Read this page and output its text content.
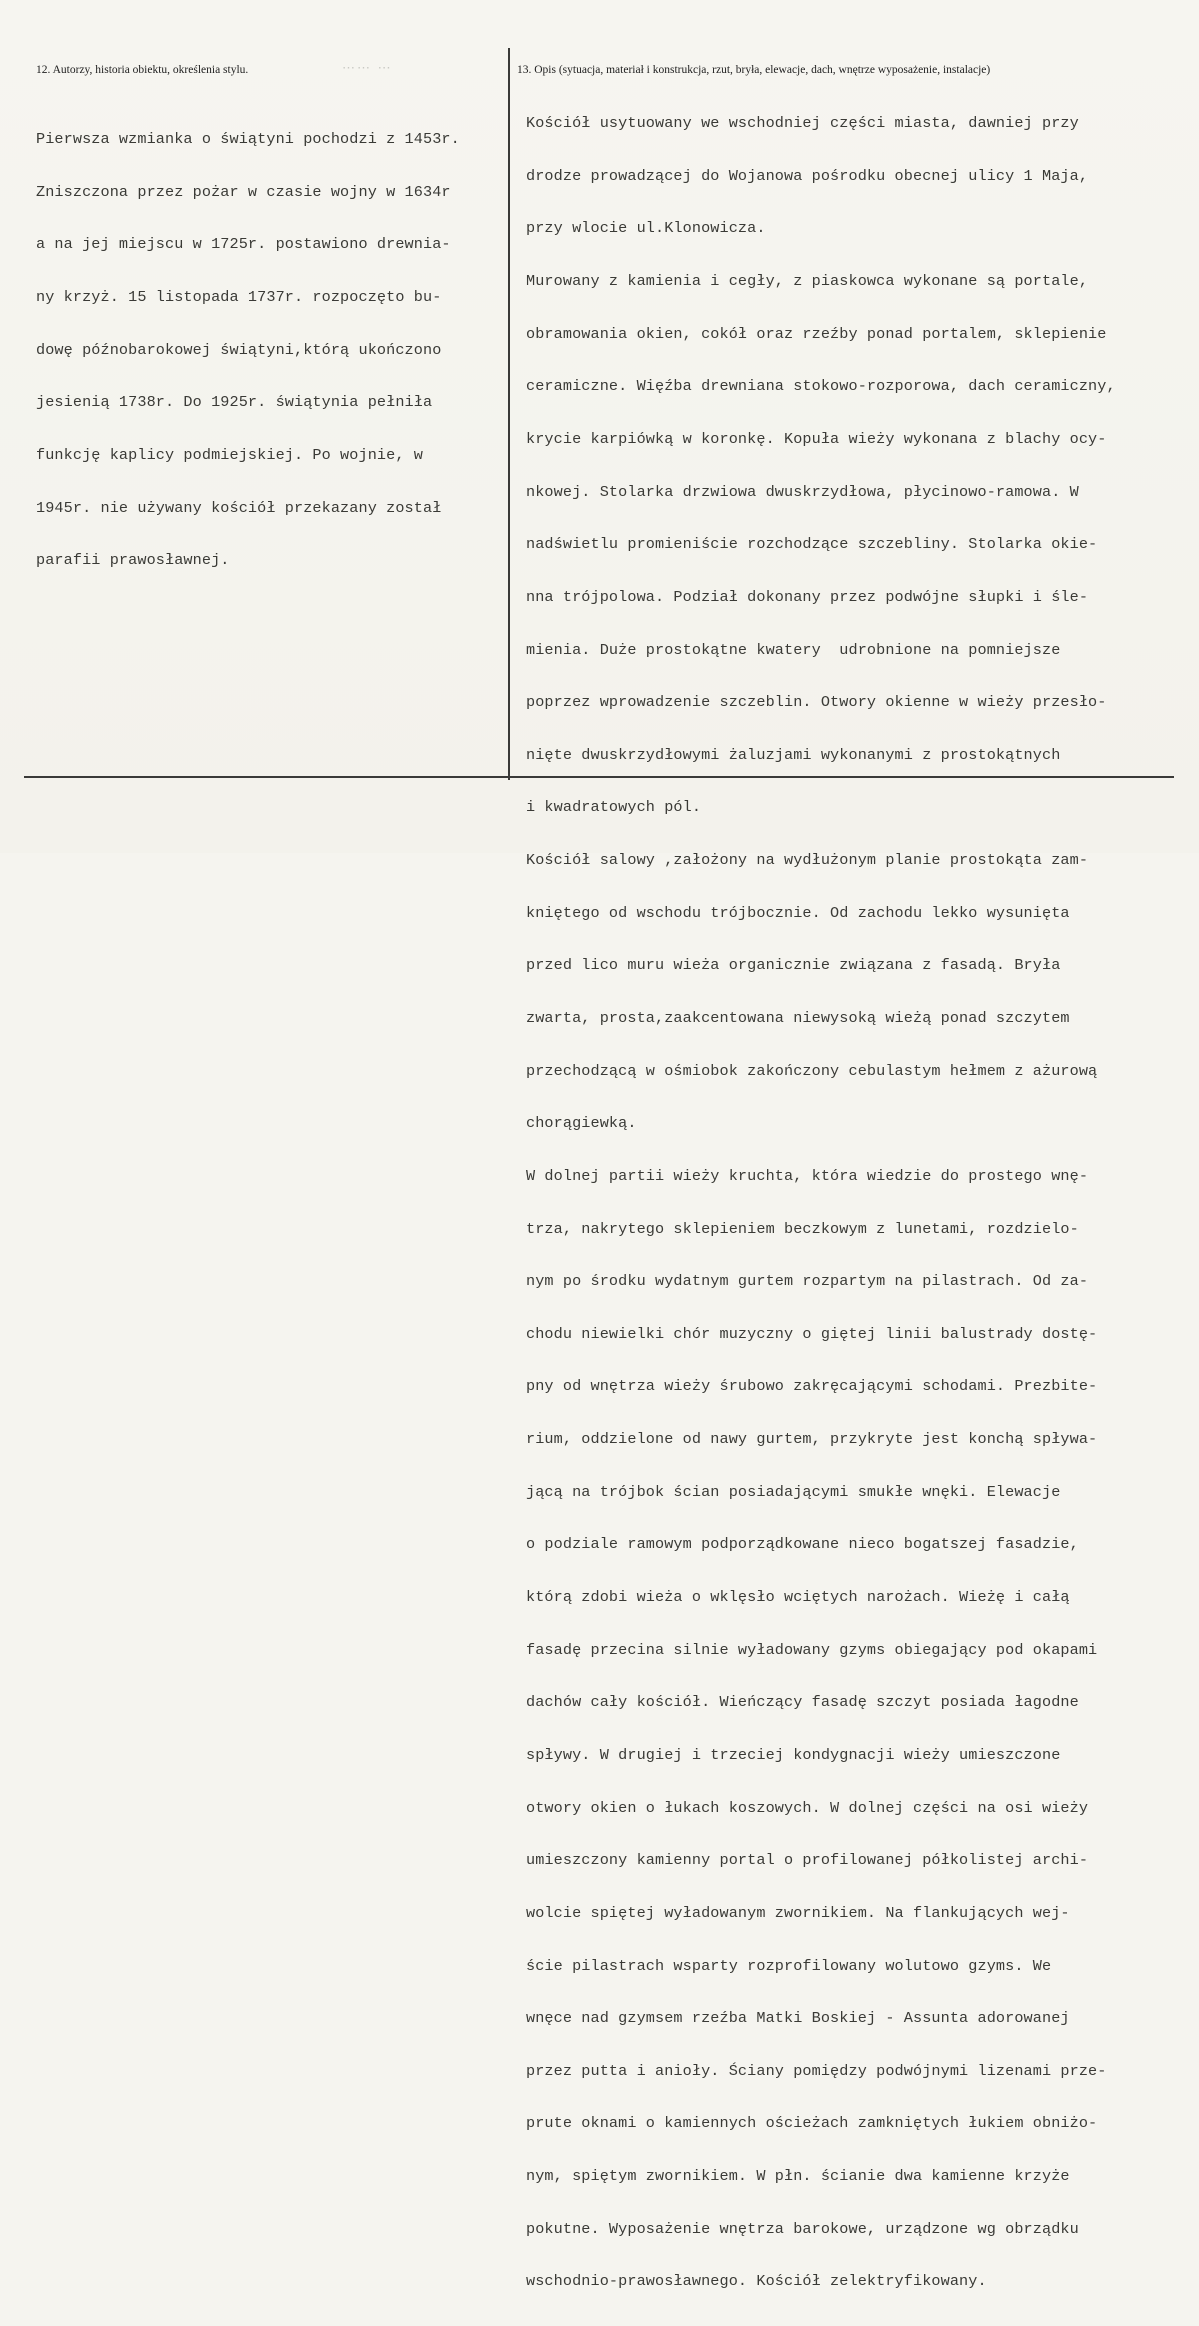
⋯⋯ ⋯
12. Autorzy, historia obiektu, określenia stylu.	13. Opis (sytuacja, materiał i konstrukcja, rzut, bryła, elewacje, dach, wnętrze wyposażenie, instalacje)

Pierwsza wzmianka o świątyni pochodzi z 1453r.

Zniszczona przez pożar w czasie wojny w 1634r

a na jej miejscu w 1725r. postawiono drewnia-

ny krzyż. 15 listopada 1737r. rozpoczęto bu-

dowę późnobarokowej świątyni,którą ukończono

jesienią 1738r. Do 1925r. świątynia pełniła

funkcję kaplicy podmiejskiej. Po wojnie, w

1945r. nie używany kościół przekazany został

parafii prawosławnej.

Kościół usytuowany we wschodniej części miasta, dawniej przy

drodze prowadzącej do Wojanowa pośrodku obecnej ulicy 1 Maja,

przy wlocie ul.Klonowicza.

Murowany z kamienia i cegły, z piaskowca wykonane są portale,

obramowania okien, cokół oraz rzeźby ponad portalem, sklepienie

ceramiczne. Więźba drewniana stokowo-rozporowa, dach ceramiczny,

krycie karpiówką w koronkę. Kopuła wieży wykonana z blachy ocy-

nkowej. Stolarka drzwiowa dwuskrzydłowa, płycinowo-ramowa. W

nadświetlu promieniście rozchodzące szczebliny. Stolarka okie-

nna trójpolowa. Podział dokonany przez podwójne słupki i śle-

mienia. Duże prostokątne kwatery  udrobnione na pomniejsze

poprzez wprowadzenie szczeblin. Otwory okienne w wieży przesło-

nięte dwuskrzydłowymi żaluzjami wykonanymi z prostokątnych

i kwadratowych pól.

Kościół salowy ,założony na wydłużonym planie prostokąta zam-

kniętego od wschodu trójbocznie. Od zachodu lekko wysunięta

przed lico muru wieża organicznie związana z fasadą. Bryła

zwarta, prosta,zaakcentowana niewysoką wieżą ponad szczytem

przechodzącą w ośmiobok zakończony cebulastym hełmem z ażurową

chorągiewką.

W dolnej partii wieży kruchta, która wiedzie do prostego wnę-

trza, nakrytego sklepieniem beczkowym z lunetami, rozdzielo-

nym po środku wydatnym gurtem rozpartym na pilastrach. Od za-

chodu niewielki chór muzyczny o giętej linii balustrady dostę-

pny od wnętrza wieży śrubowo zakręcającymi schodami. Prezbite-

rium, oddzielone od nawy gurtem, przykryte jest konchą spływa-

jącą na trójbok ścian posiadającymi smukłe wnęki. Elewacje

o podziale ramowym podporządkowane nieco bogatszej fasadzie,

którą zdobi wieża o wklęsło wciętych narożach. Wieżę i całą

fasadę przecina silnie wyładowany gzyms obiegający pod okapami

dachów cały kościół. Wieńczący fasadę szczyt posiada łagodne

spływy. W drugiej i trzeciej kondygnacji wieży umieszczone

otwory okien o łukach koszowych. W dolnej części na osi wieży

umieszczony kamienny portal o profilowanej półkolistej archi-

wolcie spiętej wyładowanym zwornikiem. Na flankujących wej-

ście pilastrach wsparty rozprofilowany wolutowo gzyms. We

wnęce nad gzymsem rzeźba Matki Boskiej - Assunta adorowanej

przez putta i anioły. Ściany pomiędzy podwójnymi lizenami prze-

prute oknami o kamiennych ościeżach zamkniętych łukiem obniżo-

nym, spiętym zwornikiem. W płn. ścianie dwa kamienne krzyże

pokutne. Wyposażenie wnętrza barokowe, urządzone wg obrządku

wschodnio-prawosławnego. Kościół zelektryfikowany.
